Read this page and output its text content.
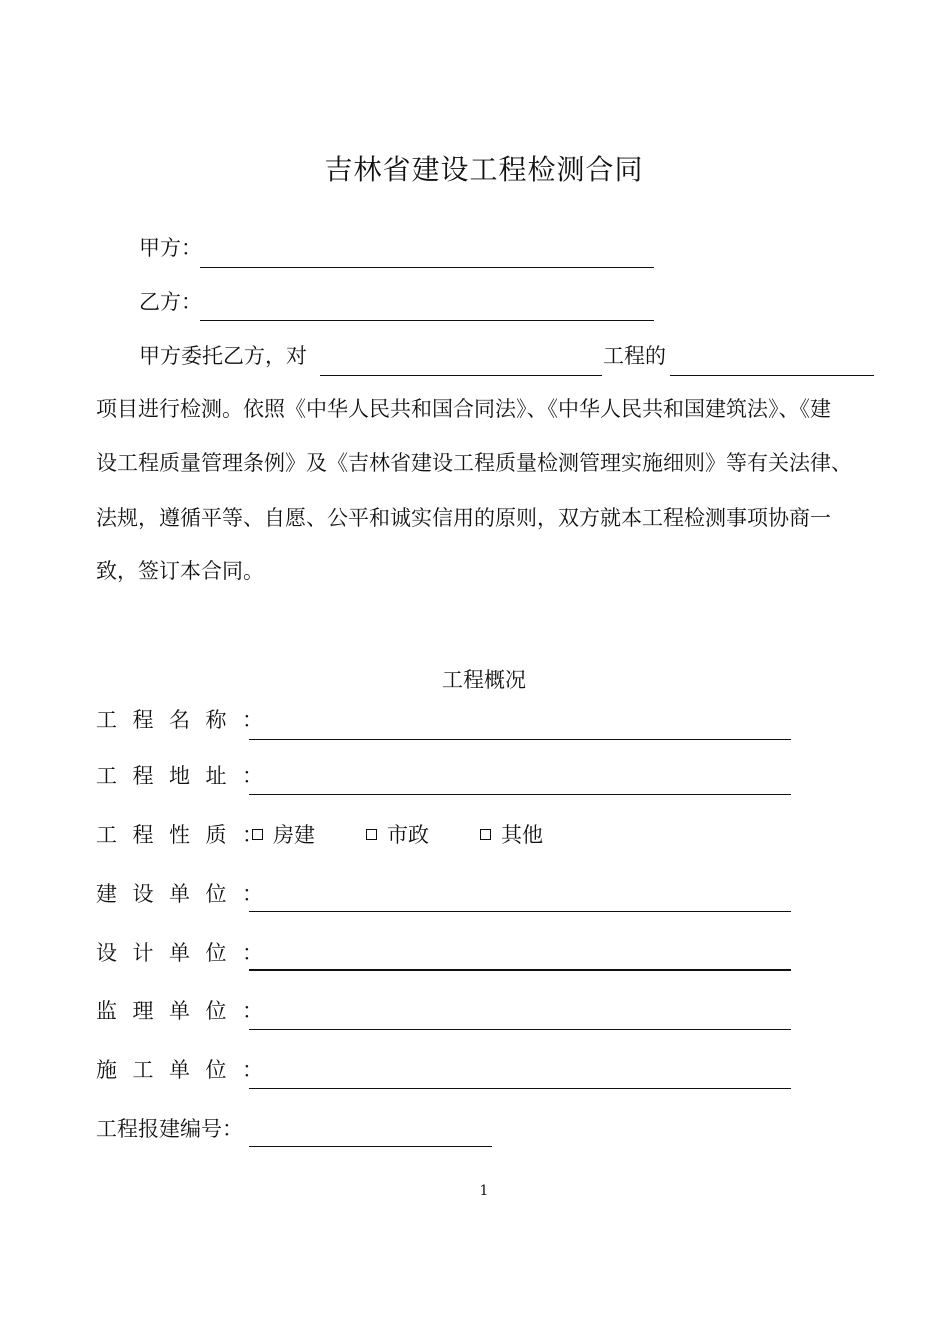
吉林省建设工程检测合同
甲方：
乙方：
甲方委托乙方，对	工程的
项目进行检测。依照《中华人民共和国合同法》、《中华人民共和国建筑法》、《建
设工程质量管理条例》及《吉林省建设工程质量检测管理实施细则》等有关法律、
法规，遵循平等、自愿、公平和诚实信用的原则，双方就本工程检测事项协商一
致，签订本合同。
工程概况
工程名称：
工程地址：
工程性质：
房建	市政	其他
建设单位：
设计单位：
监理单位：
施工单位：
工程报建编号：
1
